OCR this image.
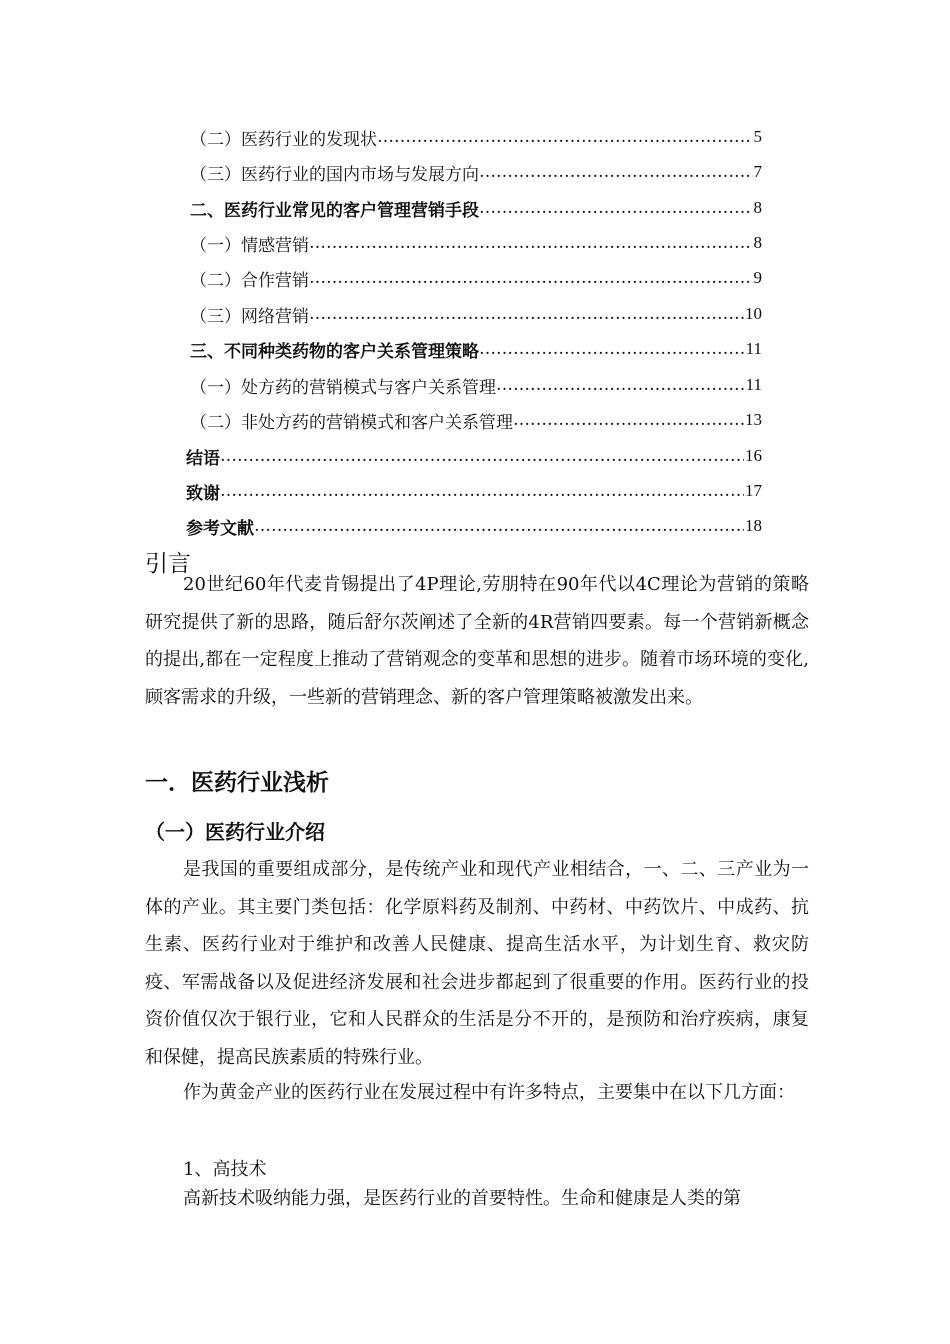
（二）医药行业的发现状 ……………………………………………………………………………………………………………………………………………………………………	5
（三）医药行业的国内市场与发展方向 ……………………………………………………………………………………………………………………………………………………………………	7
二、医药行业常见的客户管理营销手段 ……………………………………………………………………………………………………………………………………………………………………	8
（一）情感营销 ……………………………………………………………………………………………………………………………………………………………………	8
（二）合作营销 ……………………………………………………………………………………………………………………………………………………………………	9
（三）网络营销 ……………………………………………………………………………………………………………………………………………………………………	10
三、不同种类药物的客户关系管理策略 ……………………………………………………………………………………………………………………………………………………………………	11
（一）处方药的营销模式与客户关系管理 ……………………………………………………………………………………………………………………………………………………………………	11
（二）非处方药的营销模式和客户关系管理 ……………………………………………………………………………………………………………………………………………………………………	13
结语 ……………………………………………………………………………………………………………………………………………………………………	16
致谢 ……………………………………………………………………………………………………………………………………………………………………	17
参考文献 ……………………………………………………………………………………………………………………………………………………………………	18
引言
20世纪60年代麦肯锡提出了4P理论,劳朋特在90年代以4C理论为营销的策略研究提供了新的思路，随后舒尔茨阐述了全新的4R营销四要素。每一个营销新概念的提出,都在一定程度上推动了营销观念的变革和思想的进步。随着市场环境的变化,顾客需求的升级，一些新的营销理念、新的客户管理策略被激发出来。
一．医药行业浅析
（一）医药行业介绍
是我国的重要组成部分，是传统产业和现代产业相结合，一、二、三产业为一体的产业。其主要门类包括：化学原料药及制剂、中药材、中药饮片、中成药、抗生素、医药行业对于维护和改善人民健康、提高生活水平，为计划生育、救灾防疫、军需战备以及促进经济发展和社会进步都起到了很重要的作用。医药行业的投资价值仅次于银行业，它和人民群众的生活是分不开的，是预防和治疗疾病，康复和保健，提高民族素质的特殊行业。
作为黄金产业的医药行业在发展过程中有许多特点，主要集中在以下几方面：
1、高技术
高新技术吸纳能力强，是医药行业的首要特性。生命和健康是人类的第
